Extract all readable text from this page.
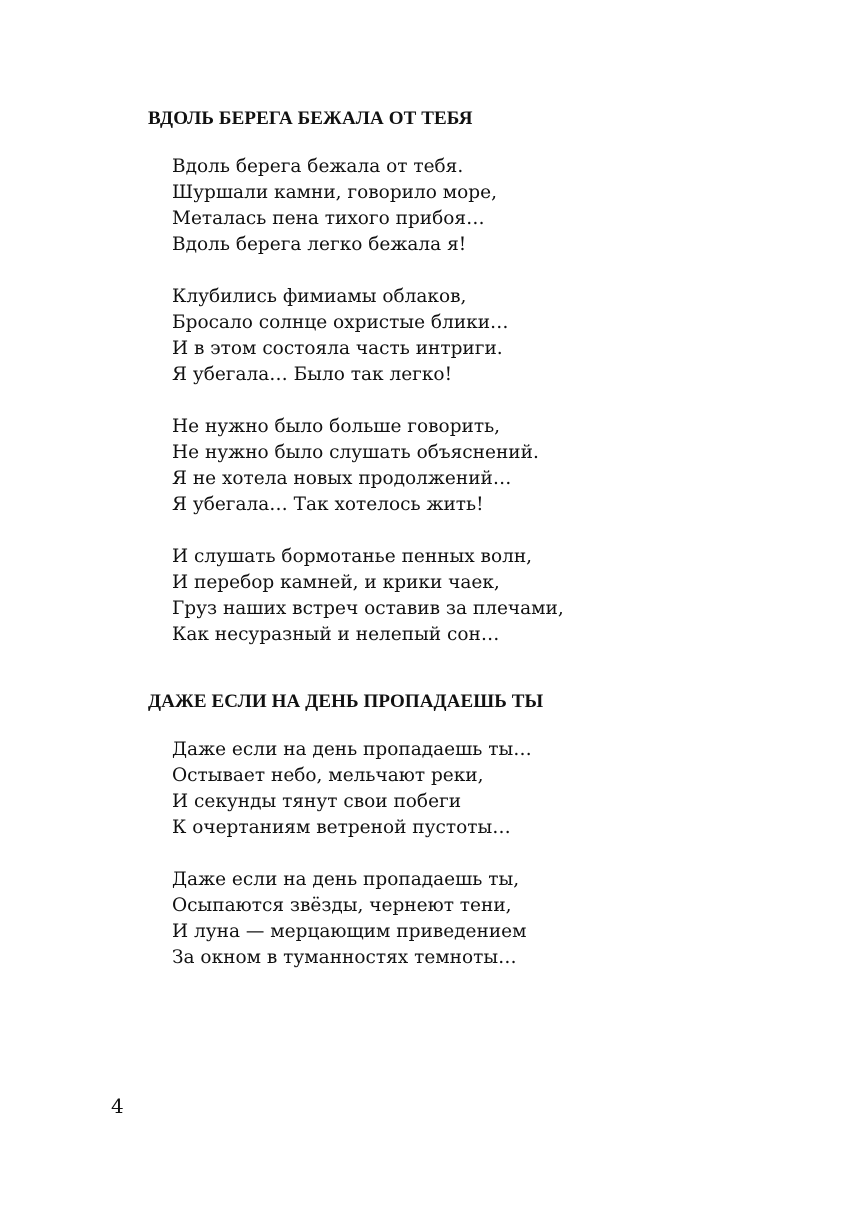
ВДОЛЬ БЕРЕГА БЕЖАЛА ОТ ТЕБЯ
Вдоль берега бежала от тебя.
Шуршали камни, говорило море,
Металась пена тихого прибоя…
Вдоль берега легко бежала я!
Клубились фимиамы облаков,
Бросало солнце охристые блики…
И в этом состояла часть интриги.
Я убегала… Было так легко!
Не нужно было больше говорить,
Не нужно было слушать объяснений.
Я не хотела новых продолжений…
Я убегала… Так хотелось жить!
И слушать бормотанье пенных волн,
И перебор камней, и крики чаек,
Груз наших встреч оставив за плечами,
Как несуразный и нелепый сон…
ДАЖЕ ЕСЛИ НА ДЕНЬ ПРОПАДАЕШЬ ТЫ
Даже если на день пропадаешь ты…
Остывает небо, мельчают реки,
И секунды тянут свои побеги
К очертаниям ветреной пустоты…
Даже если на день пропадаешь ты,
Осыпаются звёзды, чернеют тени,
И луна — мерцающим приведением
За окном в туманностях темноты…
4
